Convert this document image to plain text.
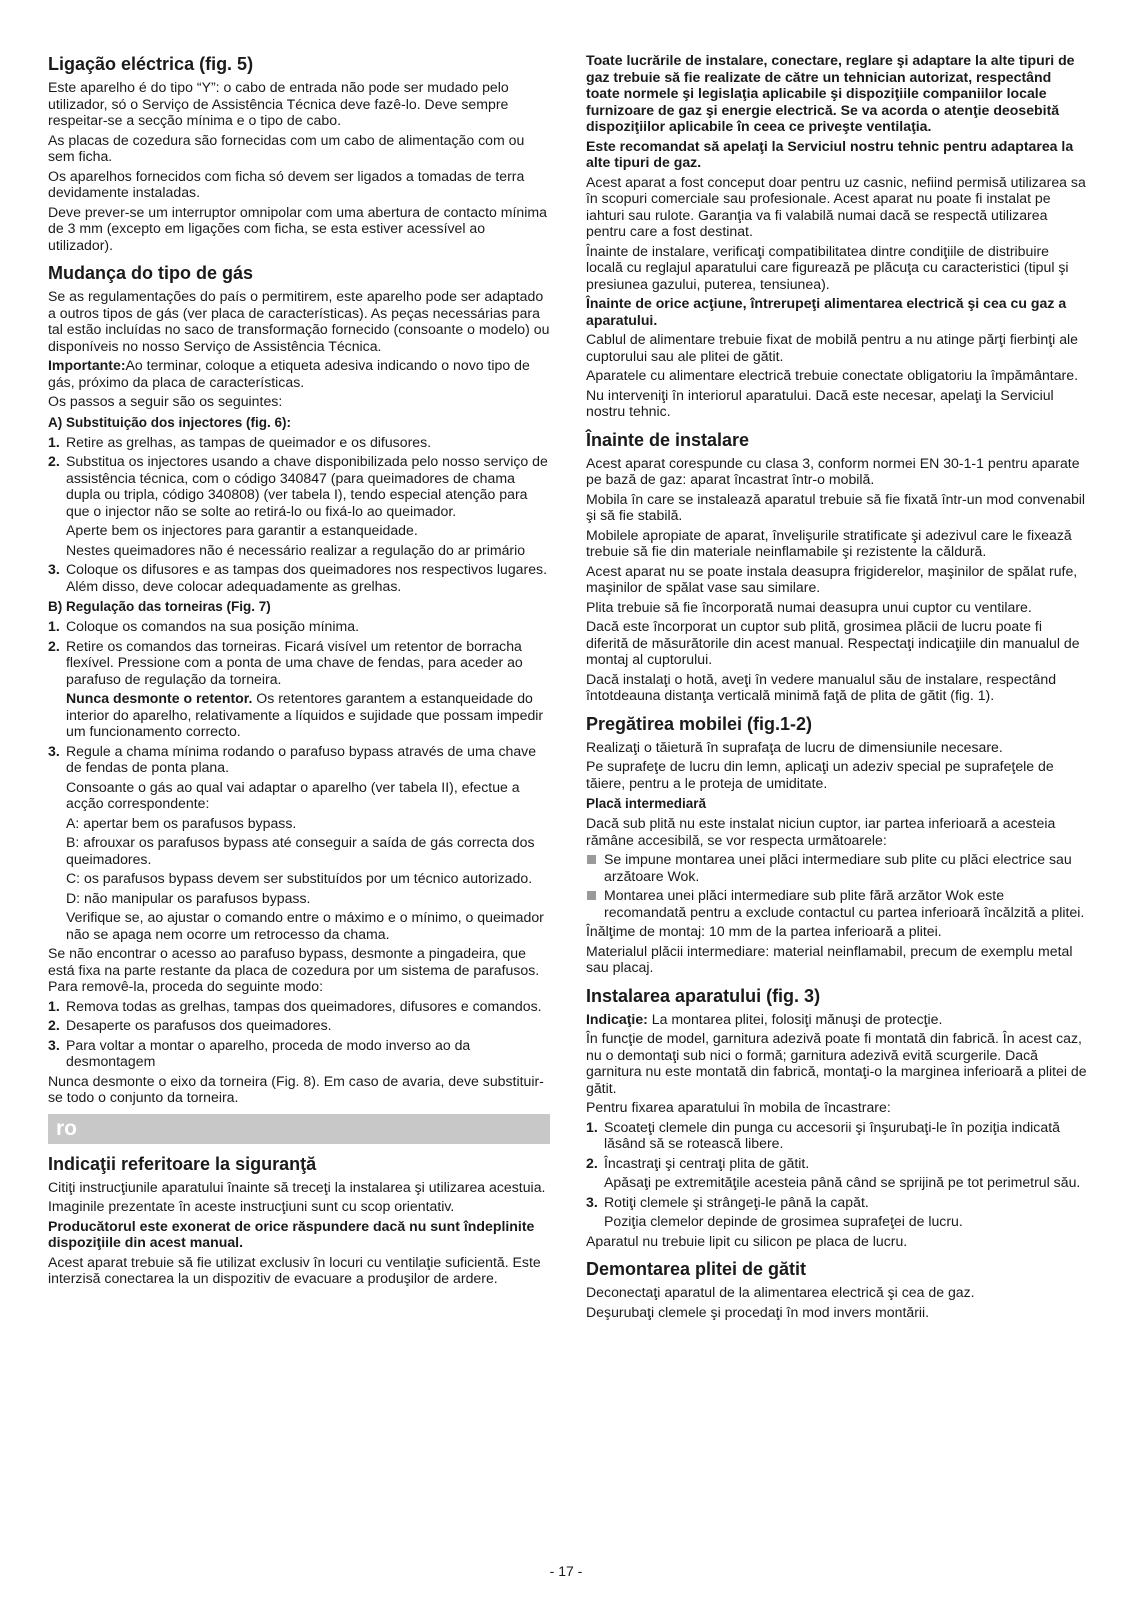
Ligação eléctrica (fig. 5)

Este aparelho é do tipo “Y”: o cabo de entrada não pode ser mudado pelo utilizador, só o Serviço de Assistência Técnica deve fazê-lo. Deve sempre respeitar-se a secção mínima e o tipo de cabo.

As placas de cozedura são fornecidas com um cabo de alimentação com ou sem ficha.

Os aparelhos fornecidos com ficha só devem ser ligados a tomadas de terra devidamente instaladas.

Deve prever-se um interruptor omnipolar com uma abertura de contacto mínima de 3 mm (excepto em ligações com ficha, se esta estiver acessível ao utilizador).

Mudança do tipo de gás

Se as regulamentações do país o permitirem, este aparelho pode ser adaptado a outros tipos de gás (ver placa de características). As peças necessárias para tal estão incluídas no saco de transformação fornecido (consoante o modelo) ou disponíveis no nosso Serviço de Assistência Técnica.

Importante:Ao terminar, coloque a etiqueta adesiva indicando o novo tipo de gás, próximo da placa de características.

Os passos a seguir são os seguintes:

A) Substituição dos injectores (fig. 6):
1. Retire as grelhas, as tampas de queimador e os difusores.
2. Substitua os injectores usando a chave disponibilizada pelo nosso serviço de assistência técnica, com o código 340847 (para queimadores de chama dupla ou tripla, código 340808) (ver tabela I), tendo especial atenção para que o injector não se solte ao retirá-lo ou fixá-lo ao queimador.

Aperte bem os injectores para garantir a estanqueidade.

Nestes queimadores não é necessário realizar a regulação do ar primário

3. Coloque os difusores e as tampas dos queimadores nos respectivos lugares. Além disso, deve colocar adequadamente as grelhas.
B) Regulação das torneiras (Fig. 7)
1. Coloque os comandos na sua posição mínima.
2. Retire os comandos das torneiras. Ficará visível um retentor de borracha flexível. Pressione com a ponta de uma chave de fendas, para aceder ao parafuso de regulação da torneira.

Nunca desmonte o retentor. Os retentores garantem a estanqueidade do interior do aparelho, relativamente a líquidos e sujidade que possam impedir um funcionamento correcto.

3. Regule a chama mínima rodando o parafuso bypass através de uma chave de fendas de ponta plana.

Consoante o gás ao qual vai adaptar o aparelho (ver tabela II), efectue a acção correspondente:

A: apertar bem os parafusos bypass.

B: afrouxar os parafusos bypass até conseguir a saída de gás correcta dos queimadores.

C: os parafusos bypass devem ser substituídos por um técnico autorizado.

D: não manipular os parafusos bypass.

Verifique se, ao ajustar o comando entre o máximo e o mínimo, o queimador não se apaga nem ocorre um retrocesso da chama.

Se não encontrar o acesso ao parafuso bypass, desmonte a pingadeira, que está fixa na parte restante da placa de cozedura por um sistema de parafusos. Para removê-la, proceda do seguinte modo:

1. Remova todas as grelhas, tampas dos queimadores, difusores e comandos.
2. Desaperte os parafusos dos queimadores.
3. Para voltar a montar o aparelho, proceda de modo inverso ao da desmontagem

Nunca desmonte o eixo da torneira (Fig. 8). Em caso de avaria, deve substituir-se todo o conjunto da torneira.

ro
Indicaţii referitoare la siguranţă

Citiţi instrucţiunile aparatului înainte să treceţi la instalarea şi utilizarea acestuia.

Imaginile prezentate în aceste instrucţiuni sunt cu scop orientativ.

Producătorul este exonerat de orice răspundere dacă nu sunt îndeplinite dispoziţiile din acest manual.

Acest aparat trebuie să fie utilizat exclusiv în locuri cu ventilaţie suficientă. Este interzisă conectarea la un dispozitiv de evacuare a produşilor de ardere.

Toate lucrările de instalare, conectare, reglare şi adaptare la alte tipuri de gaz trebuie să fie realizate de către un tehnician autorizat, respectând toate normele şi legislaţia aplicabile şi dispoziţiile companiilor locale furnizoare de gaz şi energie electrică. Se va acorda o atenţie deosebită dispoziţiilor aplicabile în ceea ce priveşte ventilaţia.

Este recomandat să apelaţi la Serviciul nostru tehnic pentru adaptarea la alte tipuri de gaz.

Acest aparat a fost conceput doar pentru uz casnic, nefiind permisă utilizarea sa în scopuri comerciale sau profesionale. Acest aparat nu poate fi instalat pe iahturi sau rulote. Garanţia va fi valabilă numai dacă se respectă utilizarea pentru care a fost destinat.

Înainte de instalare, verificaţi compatibilitatea dintre condiţiile de distribuire locală cu reglajul aparatului care figurează pe plăcuţa cu caracteristici (tipul şi presiunea gazului, puterea, tensiunea).

Înainte de orice acţiune, întrerupeţi alimentarea electrică şi cea cu gaz a aparatului.

Cablul de alimentare trebuie fixat de mobilă pentru a nu atinge părţi fierbinţi ale cuptorului sau ale plitei de gătit.

Aparatele cu alimentare electrică trebuie conectate obligatoriu la împământare.

Nu interveniţi în interiorul aparatului. Dacă este necesar, apelaţi la Serviciul nostru tehnic.

Înainte de instalare

Acest aparat corespunde cu clasa 3, conform normei EN 30-1-1 pentru aparate pe bază de gaz: aparat încastrat într-o mobilă.

Mobila în care se instalează aparatul trebuie să fie fixată într-un mod convenabil şi să fie stabilă.

Mobilele apropiate de aparat, învelişurile stratificate şi adezivul care le fixează trebuie să fie din materiale neinflamabile şi rezistente la căldură.

Acest aparat nu se poate instala deasupra frigiderelor, maşinilor de spălat rufe, maşinilor de spălat vase sau similare.

Plita trebuie să fie încorporată numai deasupra unui cuptor cu ventilare.

Dacă este încorporat un cuptor sub plită, grosimea plăcii de lucru poate fi diferită de măsurătorile din acest manual. Respectaţi indicaţiile din manualul de montaj al cuptorului.

Dacă instalaţi o hotă, aveţi în vedere manualul său de instalare, respectând întotdeauna distanţa verticală minimă faţă de plita de gătit (fig. 1).

Pregătirea mobilei (fig.1-2)

Realizaţi o tăietură în suprafaţa de lucru de dimensiunile necesare.

Pe suprafeţe de lucru din lemn, aplicaţi un adeziv special pe suprafeţele de tăiere, pentru a le proteja de umiditate.

Placă intermediară

Dacă sub plită nu este instalat niciun cuptor, iar partea inferioară a acesteia rămâne accesibilă, se vor respecta următoarele:

Se impune montarea unei plăci intermediare sub plite cu plăci electrice sau arzătoare Wok.
Montarea unei plăci intermediare sub plite fără arzător Wok este recomandată pentru a exclude contactul cu partea inferioară încălzită a plitei.

Înălţime de montaj: 10 mm de la partea inferioară a plitei.

Materialul plăcii intermediare: material neinflamabil, precum de exemplu metal sau placaj.

Instalarea aparatului (fig. 3)

Indicaţie: La montarea plitei, folosiţi mănuşi de protecţie.

În funcţie de model, garnitura adezivă poate fi montată din fabrică. În acest caz, nu o demontaţi sub nici o formă; garnitura adezivă evită scurgerile. Dacă garnitura nu este montată din fabrică, montaţi-o la marginea inferioară a plitei de gătit.

Pentru fixarea aparatului în mobila de încastrare:

1. Scoateţi clemele din punga cu accesorii şi înşurubaţi-le în poziţia indicată lăsând să se rotească libere.
2. Încastraţi şi centraţi plita de gătit.

Apăsaţi pe extremităţile acesteia până când se sprijină pe tot perimetrul său.

3. Rotiţi clemele şi strângeţi-le până la capăt.

Poziţia clemelor depinde de grosimea suprafeţei de lucru.

Aparatul nu trebuie lipit cu silicon pe placa de lucru.

Demontarea plitei de gătit

Deconectaţi aparatul de la alimentarea electrică şi cea de gaz.

Deşurubaţi clemele şi procedaţi în mod invers montării.

- 17 -
